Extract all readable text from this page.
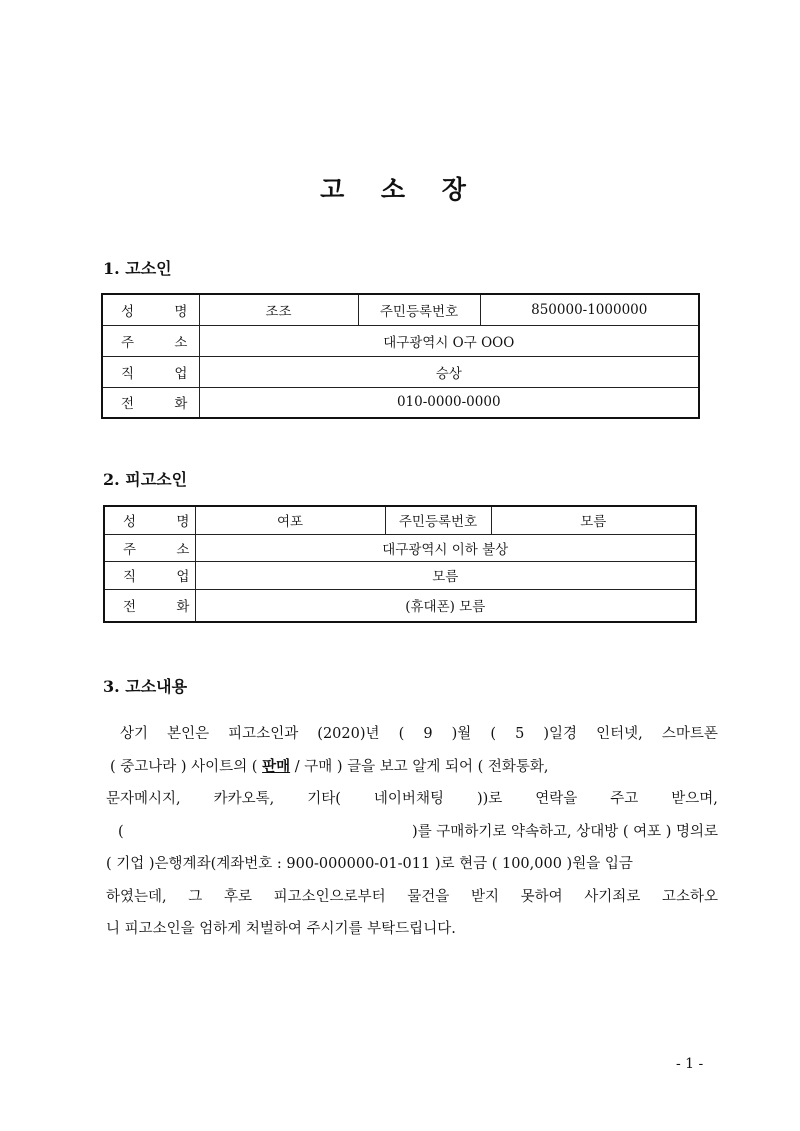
고 소 장
1. 고소인
성 명	조조	주민등록번호	850000-1000000
주 소	대구광역시 O구 OOO		
직 업	승상		
전 화	010-0000-0000		
2. 피고소인
성 명	여포	주민등록번호	모름
주 소	대구광역시 이하 불상		
직 업	모름		
전 화	(휴대폰) 모름		
3. 고소내용
상기 본인은 피고소인과 (2020)년 ( 9 )월 ( 5 )일경 인터넷, 스마트폰
( 중고나라 ) 사이트의 ( 판매 / 구매 ) 글을 보고 알게 되어 ( 전화통화,
문자메시지, 카카오톡, 기타( 네이버채팅 ))로 연락을 주고 받으며,
(	)를 구매하기로 약속하고, 상대방 ( 여포 ) 명의로
( 기업 )은행계좌(계좌번호 : 900-000000-01-011 )로 현금 ( 100,000 )원을 입금
하였는데, 그 후로 피고소인으로부터 물건을 받지 못하여 사기죄로 고소하오
니 피고소인을 엄하게 처벌하여 주시기를 부탁드립니다.
- 1 -
